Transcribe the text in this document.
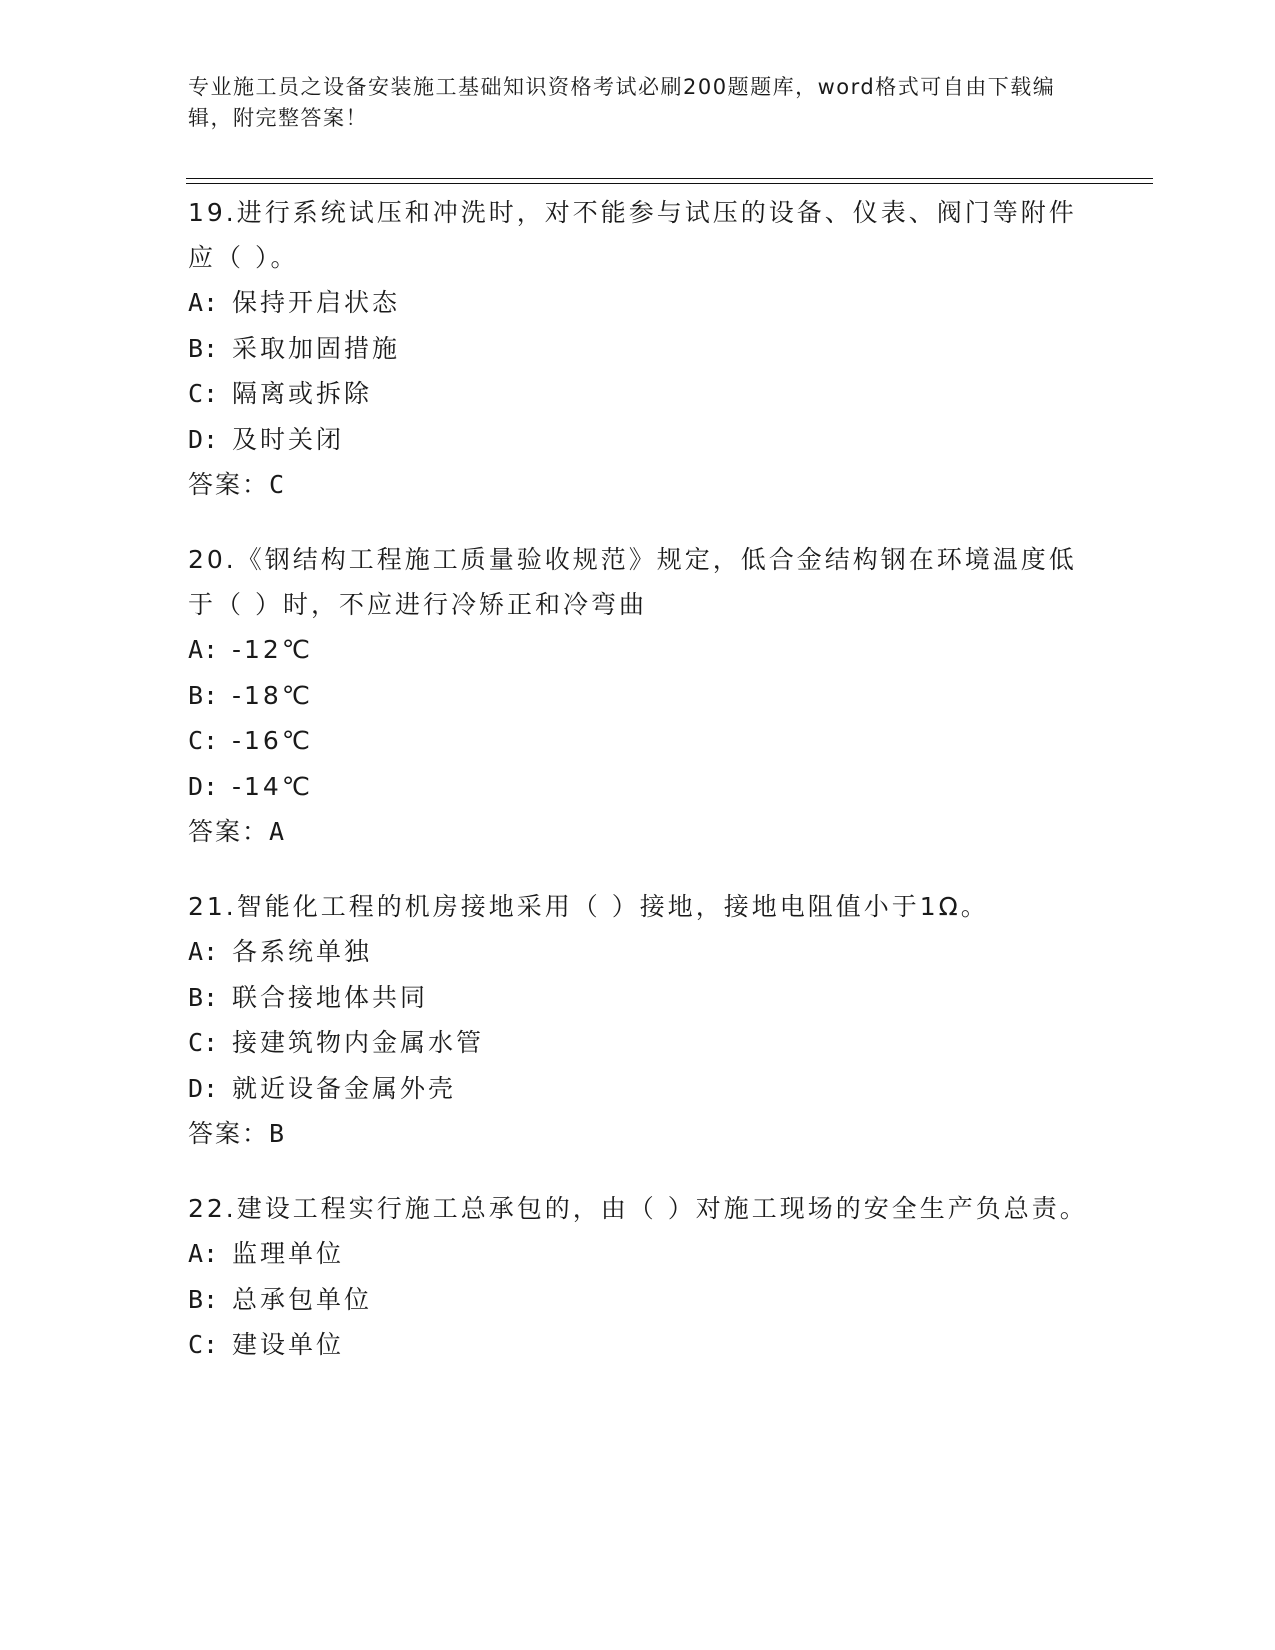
专业施工员之设备安装施工基础知识资格考试必刷200题题库，word格式可自由下载编辑，附完整答案！
19.进行系统试压和冲洗时，对不能参与试压的设备、仪表、阀门等附件应（ ）。
A: 保持开启状态
B: 采取加固措施
C: 隔离或拆除
D: 及时关闭
答案：C
20.《钢结构工程施工质量验收规范》规定，低合金结构钢在环境温度低于（ ）时，不应进行冷矫正和冷弯曲
A: -12℃
B: -18℃
C: -16℃
D: -14℃
答案：A
21.智能化工程的机房接地采用（ ）接地，接地电阻值小于1Ω。
A: 各系统单独
B: 联合接地体共同
C: 接建筑物内金属水管
D: 就近设备金属外壳
答案：B
22.建设工程实行施工总承包的，由（ ）对施工现场的安全生产负总责。
A: 监理单位
B: 总承包单位
C: 建设单位
